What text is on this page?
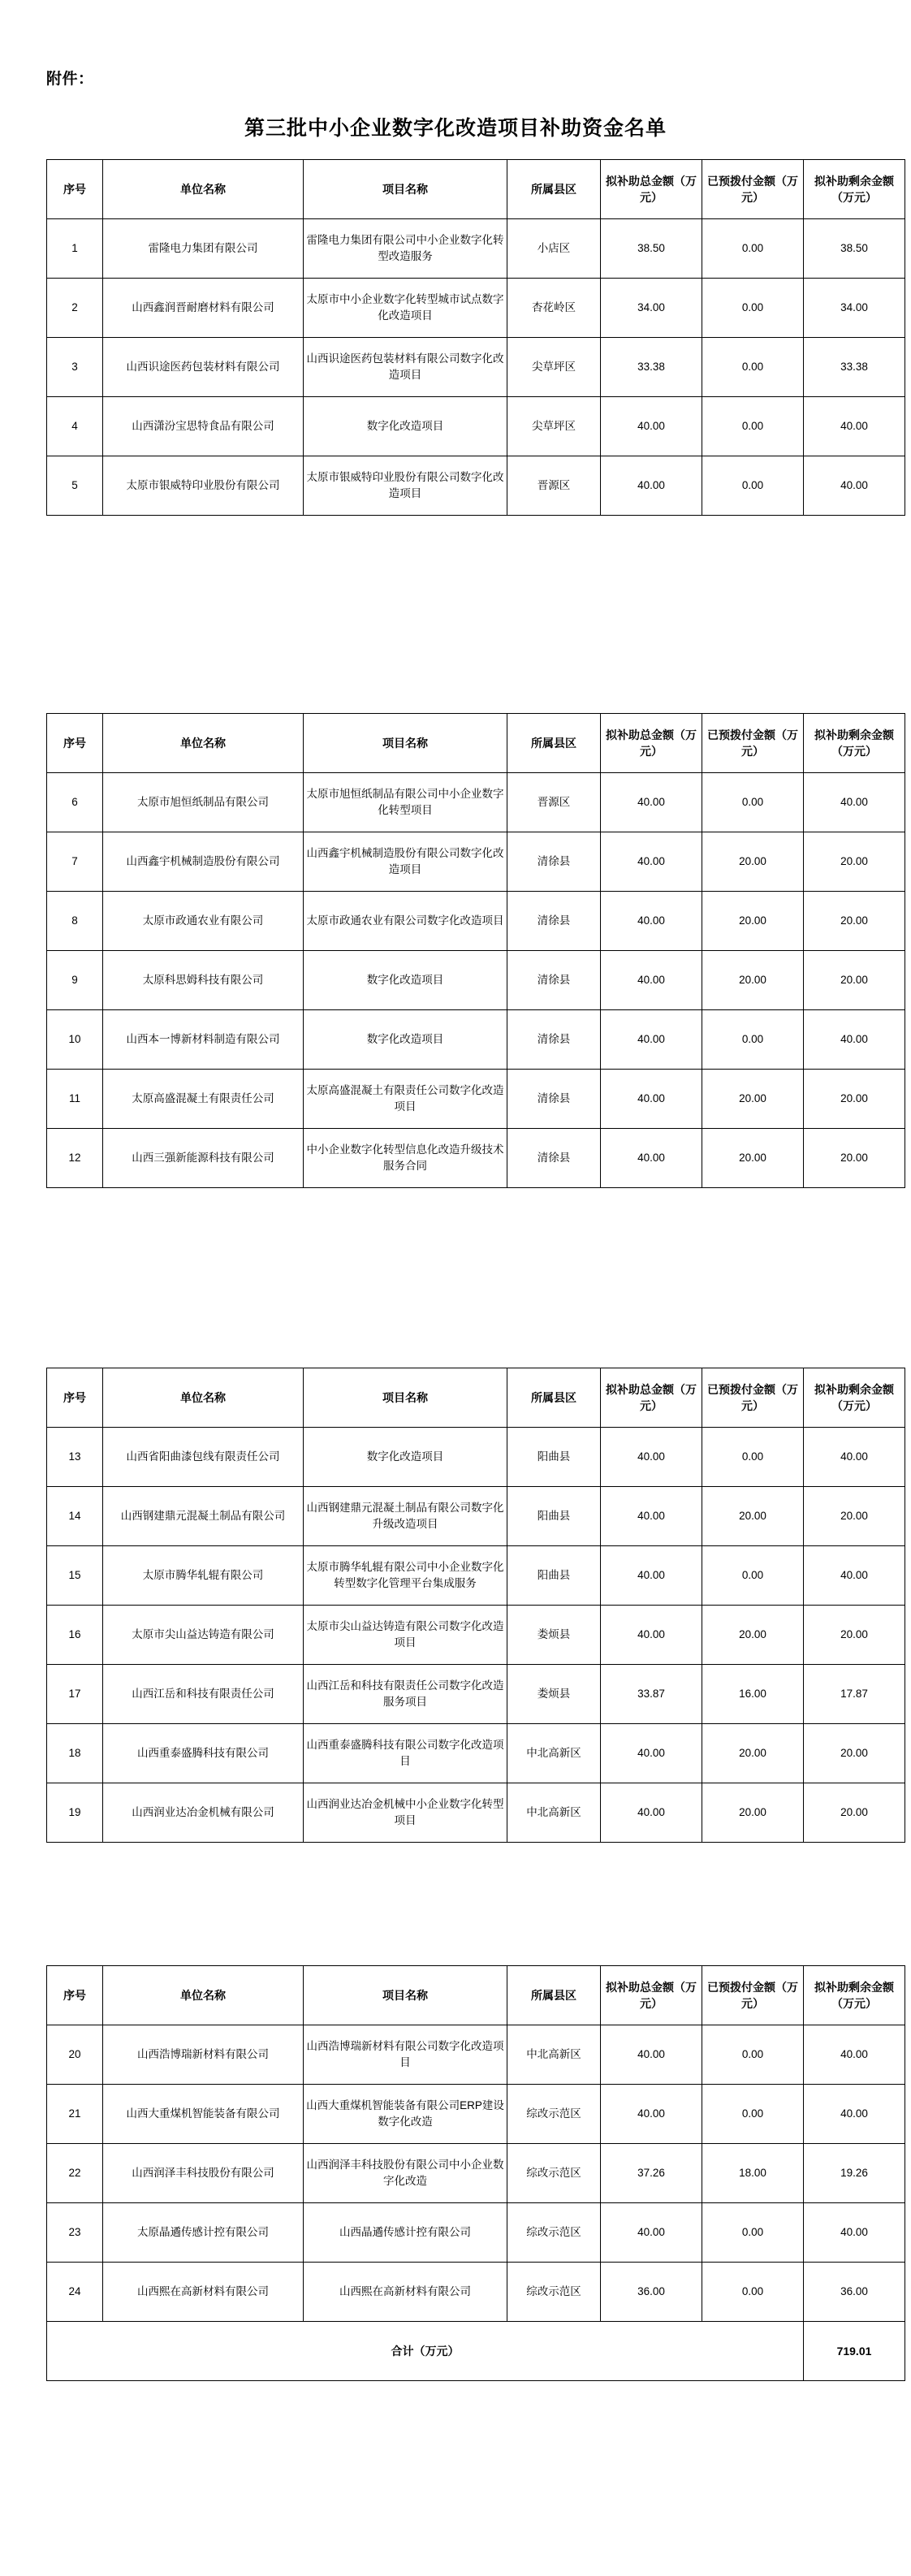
附件：
第三批中小企业数字化改造项目补助资金名单
序号	单位名称	项目名称	所属县区	拟补助总金额（万元）	已预拨付金额（万元）	拟补助剩余金额（万元）
1	雷隆电力集团有限公司	雷隆电力集团有限公司中小企业数字化转型改造服务	小店区	38.50	0.00	38.50
2	山西鑫润晋耐磨材料有限公司	太原市中小企业数字化转型城市试点数字化改造项目	杏花岭区	34.00	0.00	34.00
3	山西识途医药包装材料有限公司	山西识途医药包装材料有限公司数字化改造项目	尖草坪区	33.38	0.00	33.38
4	山西潇汾宝思特食品有限公司	数字化改造项目	尖草坪区	40.00	0.00	40.00
5	太原市银威特印业股份有限公司	太原市银威特印业股份有限公司数字化改造项目	晋源区	40.00	0.00	40.00
序号	单位名称	项目名称	所属县区	拟补助总金额（万元）	已预拨付金额（万元）	拟补助剩余金额（万元）
6	太原市旭恒纸制品有限公司	太原市旭恒纸制品有限公司中小企业数字化转型项目	晋源区	40.00	0.00	40.00
7	山西鑫宇机械制造股份有限公司	山西鑫宇机械制造股份有限公司数字化改造项目	清徐县	40.00	20.00	20.00
8	太原市政通农业有限公司	太原市政通农业有限公司数字化改造项目	清徐县	40.00	20.00	20.00
9	太原科思姆科技有限公司	数字化改造项目	清徐县	40.00	20.00	20.00
10	山西本一博新材料制造有限公司	数字化改造项目	清徐县	40.00	0.00	40.00
11	太原高盛混凝土有限责任公司	太原高盛混凝土有限责任公司数字化改造项目	清徐县	40.00	20.00	20.00
12	山西三强新能源科技有限公司	中小企业数字化转型信息化改造升级技术服务合同	清徐县	40.00	20.00	20.00
序号	单位名称	项目名称	所属县区	拟补助总金额（万元）	已预拨付金额（万元）	拟补助剩余金额（万元）
13	山西省阳曲漆包线有限责任公司	数字化改造项目	阳曲县	40.00	0.00	40.00
14	山西钢建鼎元混凝土制品有限公司	山西钢建鼎元混凝土制品有限公司数字化升级改造项目	阳曲县	40.00	20.00	20.00
15	太原市腾华轧辊有限公司	太原市腾华轧辊有限公司中小企业数字化转型数字化管理平台集成服务	阳曲县	40.00	0.00	40.00
16	太原市尖山益达铸造有限公司	太原市尖山益达铸造有限公司数字化改造项目	娄烦县	40.00	20.00	20.00
17	山西江岳和科技有限责任公司	山西江岳和科技有限责任公司数字化改造服务项目	娄烦县	33.87	16.00	17.87
18	山西重泰盛腾科技有限公司	山西重泰盛腾科技有限公司数字化改造项目	中北高新区	40.00	20.00	20.00
19	山西润业达冶金机械有限公司	山西润业达冶金机械中小企业数字化转型项目	中北高新区	40.00	20.00	20.00
序号	单位名称	项目名称	所属县区	拟补助总金额（万元）	已预拨付金额（万元）	拟补助剩余金额（万元）
20	山西浩博瑞新材料有限公司	山西浩博瑞新材料有限公司数字化改造项目	中北高新区	40.00	0.00	40.00
21	山西大重煤机智能装备有限公司	山西大重煤机智能装备有限公司ERP建设数字化改造	综改示范区	40.00	0.00	40.00
22	山西润泽丰科技股份有限公司	山西润泽丰科技股份有限公司中小企业数字化改造	综改示范区	37.26	18.00	19.26
23	太原晶遹传感计控有限公司	山西晶遹传感计控有限公司	综改示范区	40.00	0.00	40.00
24	山西熙在高新材料有限公司	山西熙在高新材料有限公司	综改示范区	36.00	0.00	36.00
合计（万元）						719.01
